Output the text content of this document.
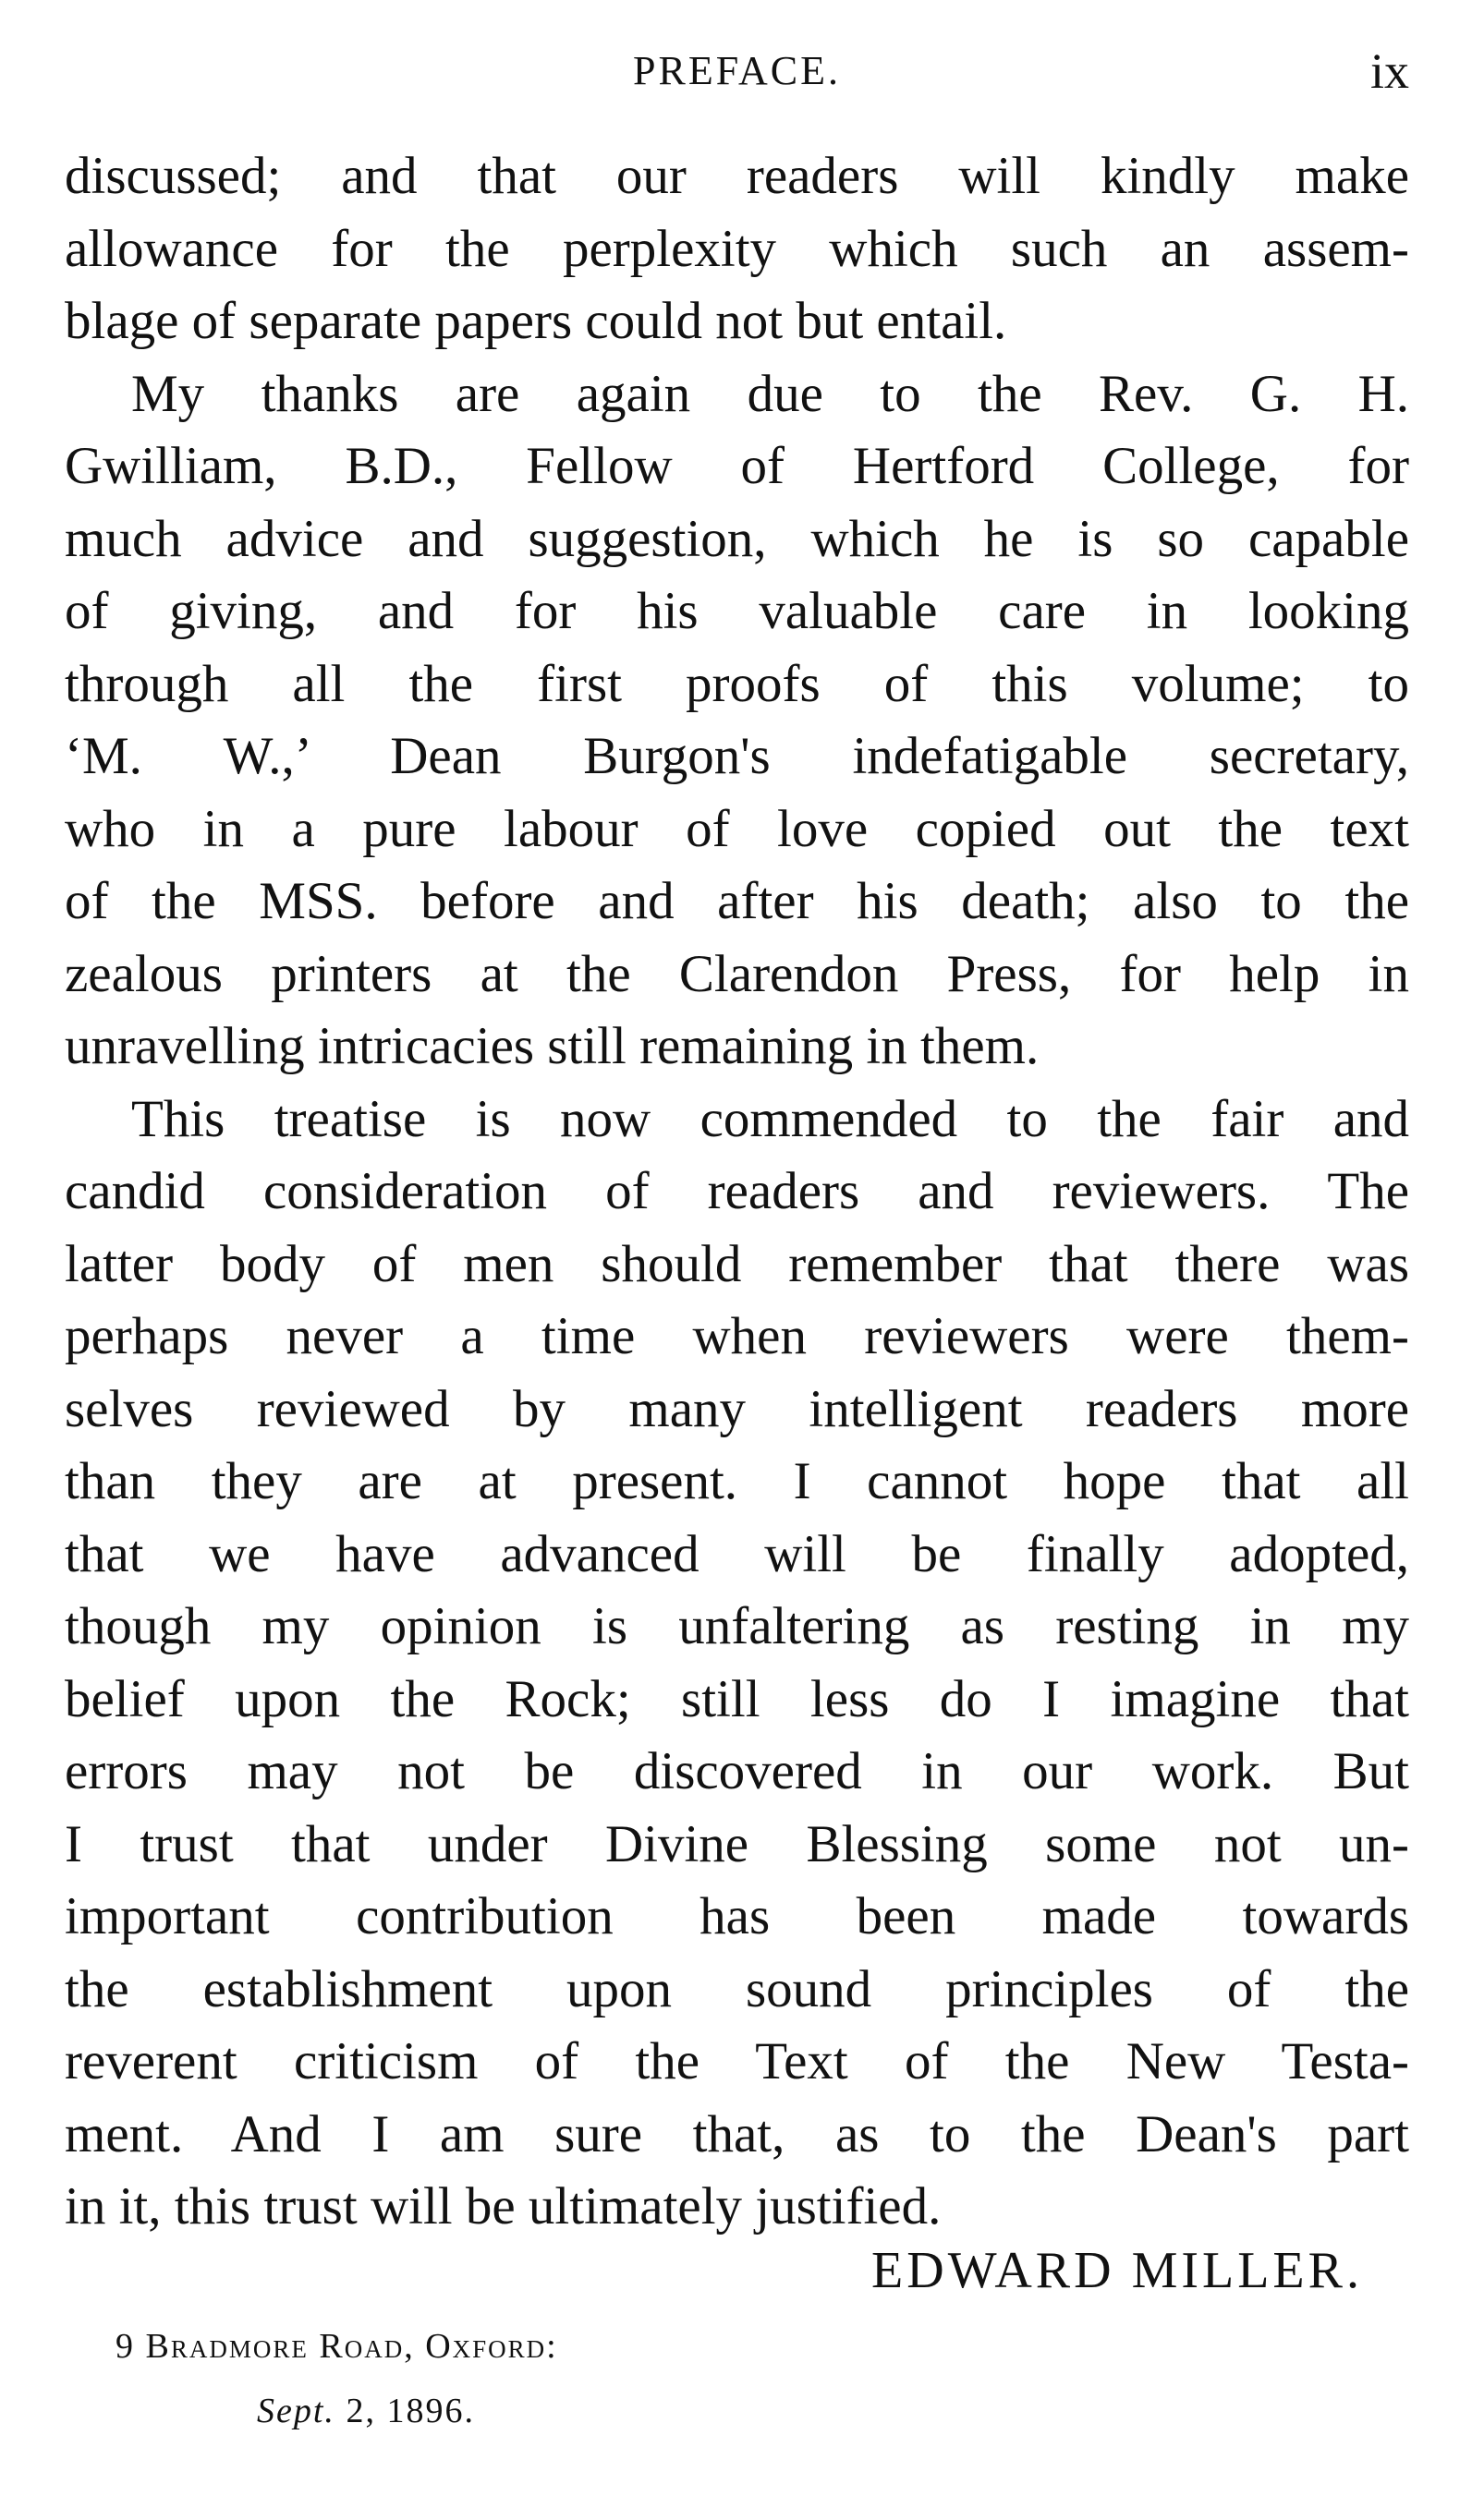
PREFACE.	ix
discussed; and that our readers will kindly make
allowance for the perplexity which such an assem-
blage of separate papers could not but entail.
My thanks are again due to the Rev. G. H.
Gwilliam, B.D., Fellow of Hertford College, for
much advice and suggestion, which he is so capable
of giving, and for his valuable care in looking
through all the first proofs of this volume; to
‘M. W.,’ Dean Burgon's indefatigable secretary,
who in a pure labour of love copied out the text
of the MSS. before and after his death; also to the
zealous printers at the Clarendon Press, for help in
unravelling intricacies still remaining in them.
This treatise is now commended to the fair and
candid consideration of readers and reviewers. The
latter body of men should remember that there was
perhaps never a time when reviewers were them-
selves reviewed by many intelligent readers more
than they are at present. I cannot hope that all
that we have advanced will be finally adopted,
though my opinion is unfaltering as resting in my
belief upon the Rock; still less do I imagine that
errors may not be discovered in our work. But
I trust that under Divine Blessing some not un-
important contribution has been made towards
the establishment upon sound principles of the
reverent criticism of the Text of the New Testa-
ment. And I am sure that, as to the Dean's part
in it, this trust will be ultimately justified.
EDWARD MILLER.
9 Bradmore Road, Oxford:
Sept. 2, 1896.
